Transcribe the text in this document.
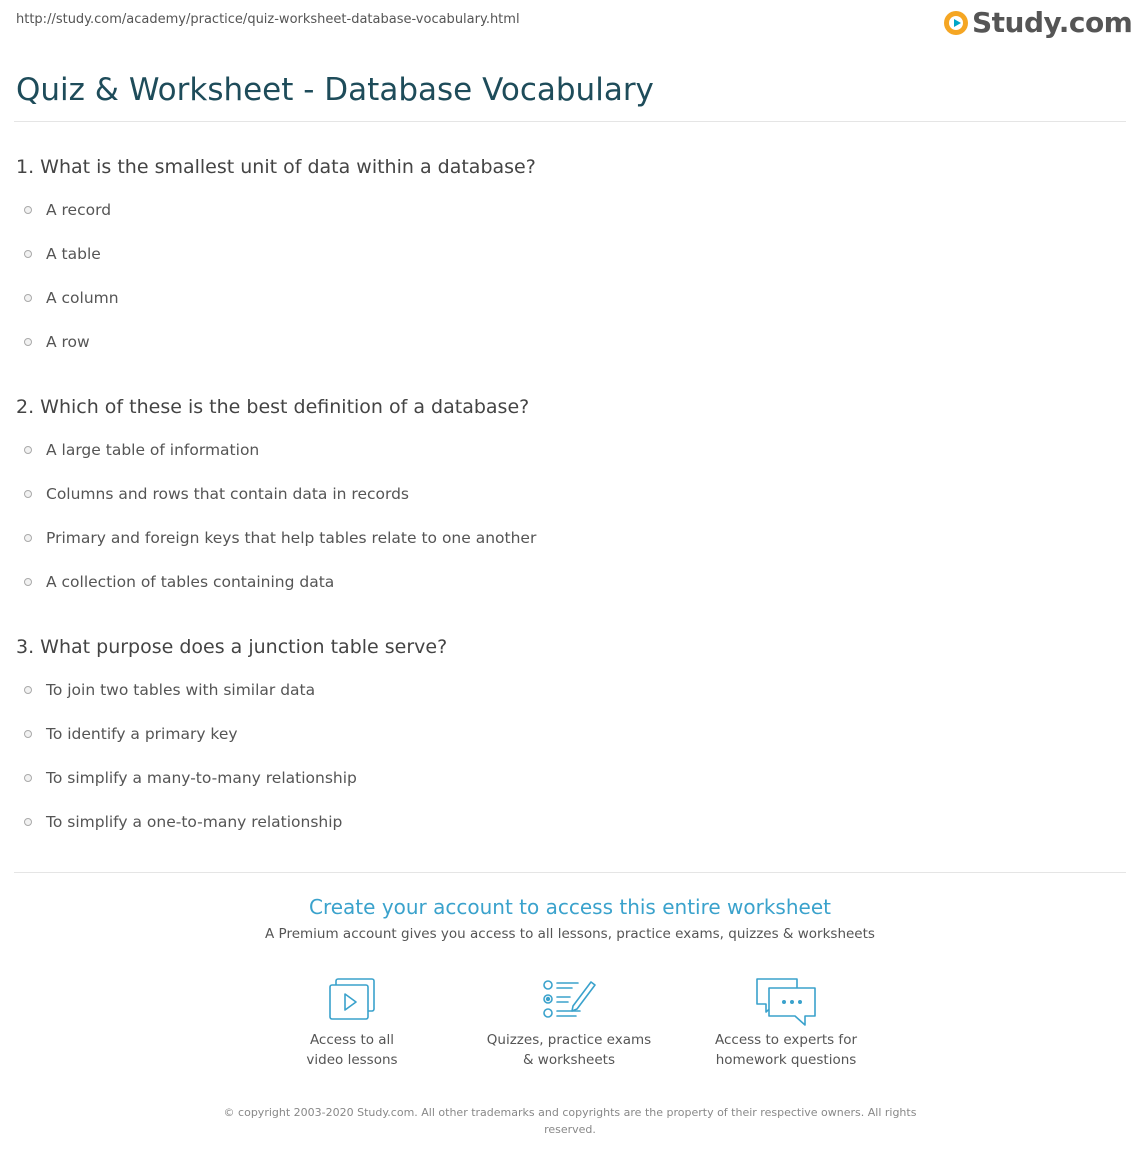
http://study.com/academy/practice/quiz-worksheet-database-vocabulary.html	Study.com
Quiz & Worksheet - Database Vocabulary
1. What is the smallest unit of data within a database?
A record
A table
A column
A row
2. Which of these is the best definition of a database?
A large table of information
Columns and rows that contain data in records
Primary and foreign keys that help tables relate to one another
A collection of tables containing data
3. What purpose does a junction table serve?
To join two tables with similar data
To identify a primary key
To simplify a many-to-many relationship
To simplify a one-to-many relationship
Create your account to access this entire worksheet
A Premium account gives you access to all lessons, practice exams, quizzes & worksheets
Access to all
video lessons
Quizzes, practice exams
& worksheets
Access to experts for
homework questions
© copyright 2003-2020 Study.com. All other trademarks and copyrights are the property of their respective owners. All rights reserved.
